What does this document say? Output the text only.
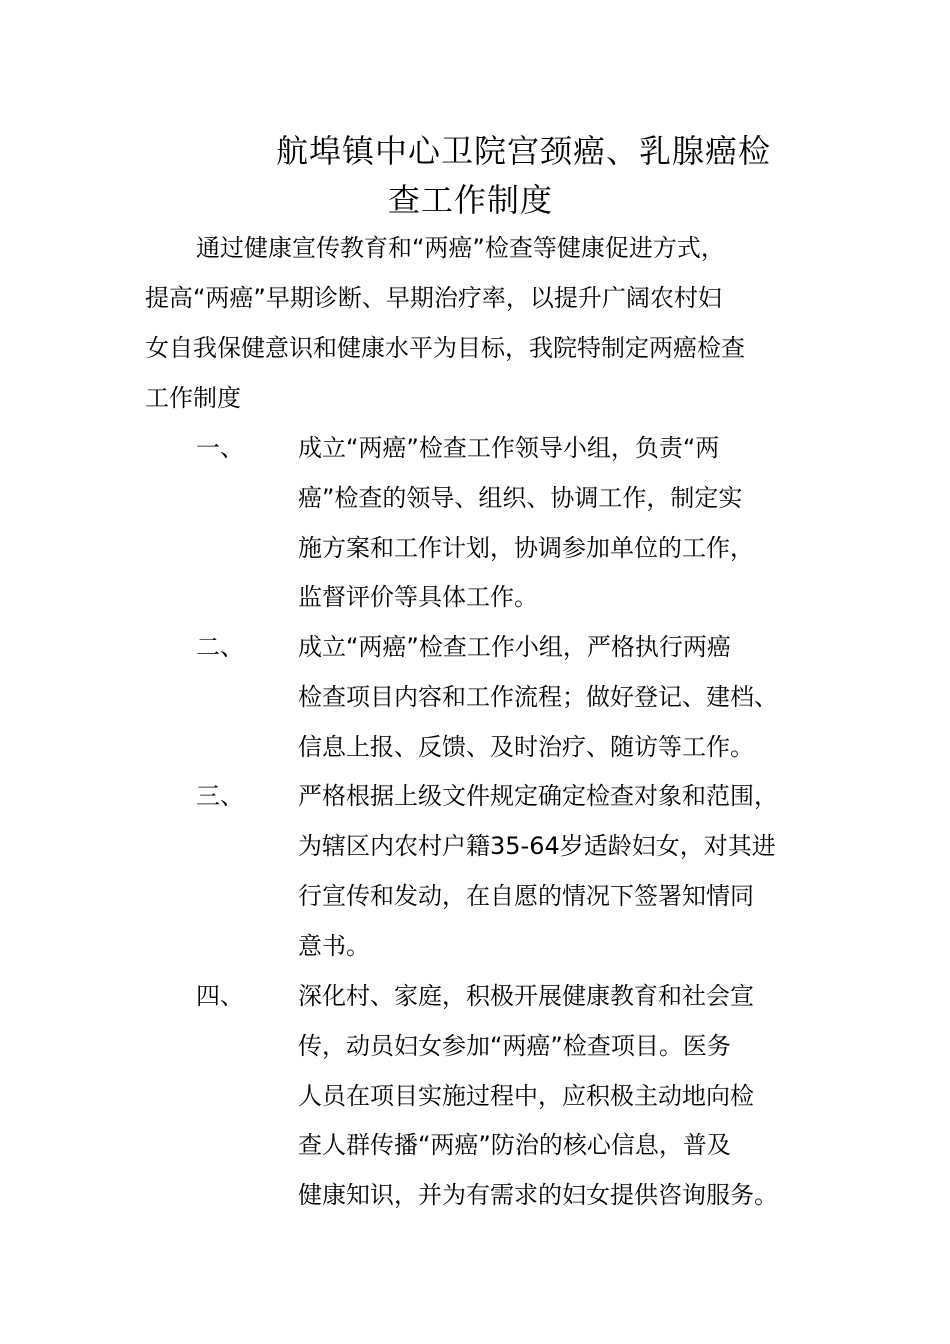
航埠镇中心卫院宫颈癌、乳腺癌检
查工作制度
通过健康宣传教育和“两癌”检查等健康促进方式，
提高“两癌”早期诊断、早期治疗率，以提升广阔农村妇
女自我保健意识和健康水平为目标，我院特制定两癌检查
工作制度
一、 成立“两癌”检查工作领导小组，负责“两
癌”检查的领导、组织、协调工作，制定实
施方案和工作计划，协调参加单位的工作，
监督评价等具体工作。
二、 成立“两癌”检查工作小组，严格执行两癌
检查项目内容和工作流程；做好登记、建档、
信息上报、反馈、及时治疗、随访等工作。
三、 严格根据上级文件规定确定检查对象和范围，
为辖区内农村户籍35-64岁适龄妇女，对其进
行宣传和发动，在自愿的情况下签署知情同
意书。
四、 深化村、家庭，积极开展健康教育和社会宣
传，动员妇女参加“两癌”检查项目。医务
人员在项目实施过程中，应积极主动地向检
查人群传播“两癌”防治的核心信息，普及
健康知识，并为有需求的妇女提供咨询服务。
